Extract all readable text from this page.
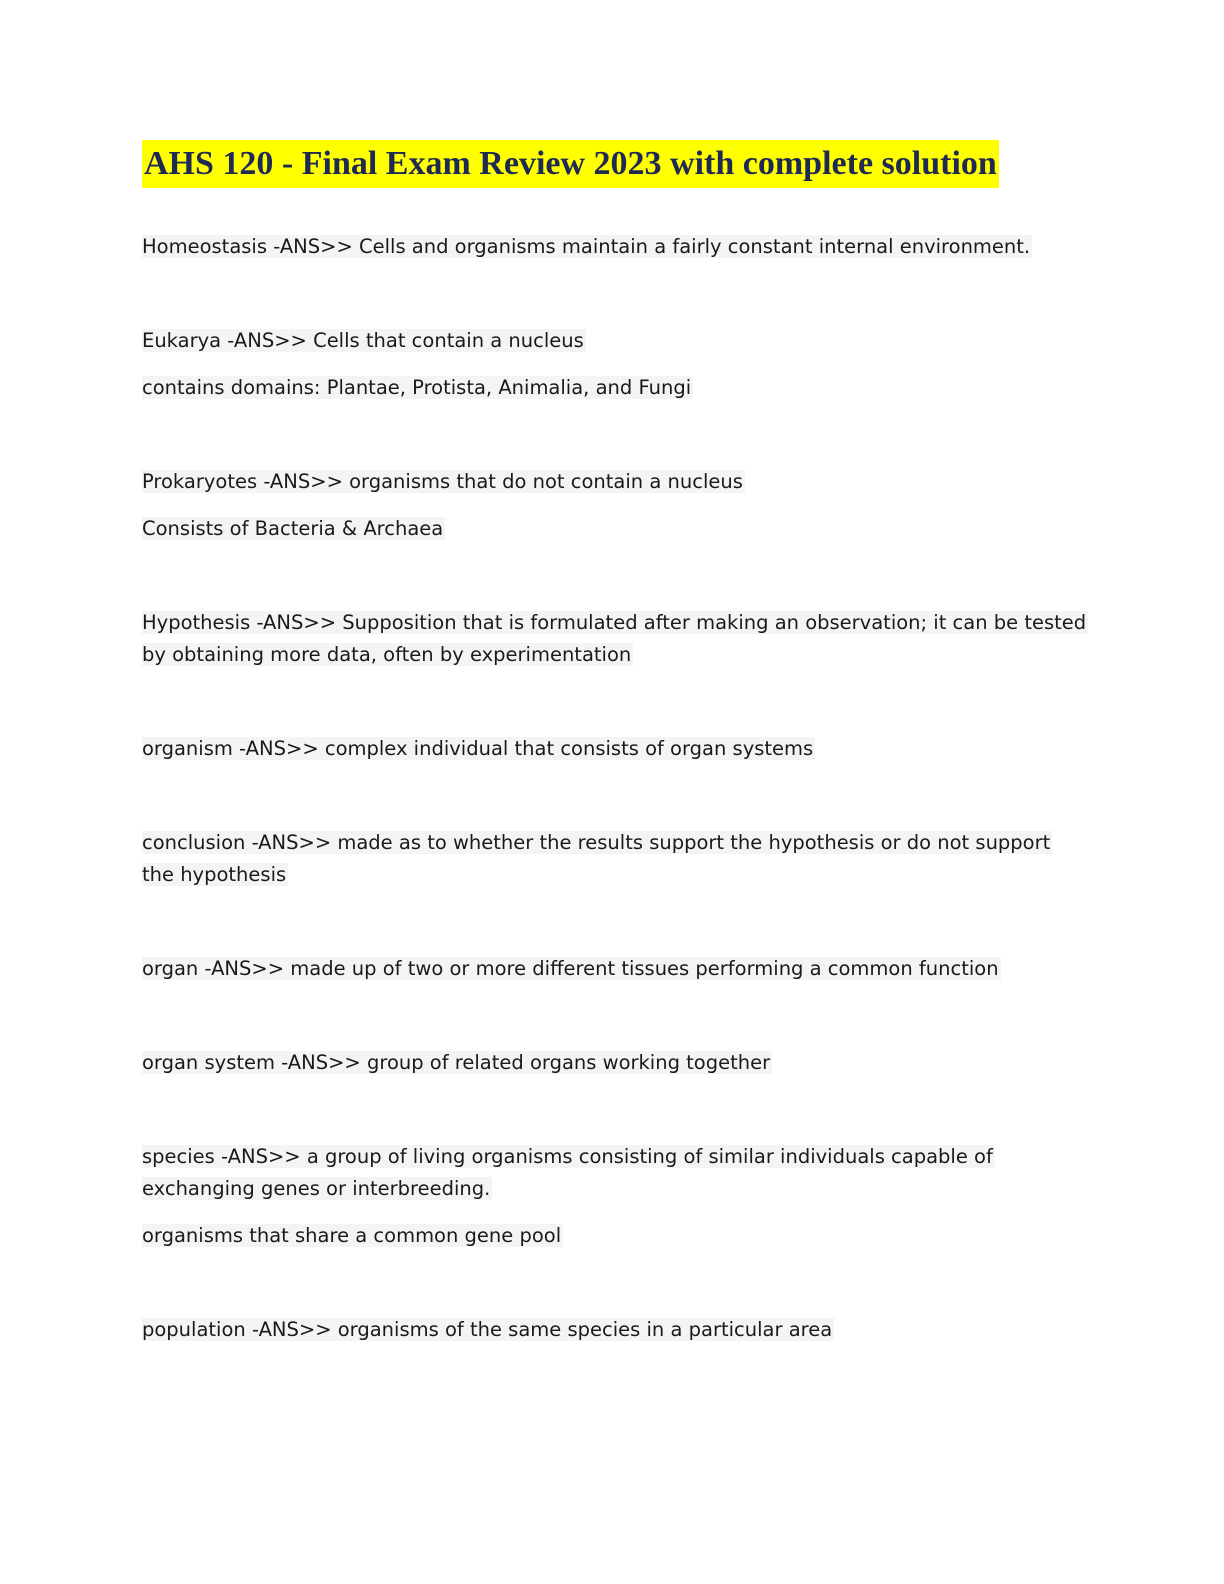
AHS 120 - Final Exam Review 2023 with complete solution

Homeostasis -ANS>> Cells and organisms maintain a fairly constant internal environment.

Eukarya -ANS>> Cells that contain a nucleus

contains domains: Plantae, Protista, Animalia, and Fungi

Prokaryotes -ANS>> organisms that do not contain a nucleus

Consists of Bacteria & Archaea

Hypothesis -ANS>> Supposition that is formulated after making an observation; it can be tested

by obtaining more data, often by experimentation

organism -ANS>> complex individual that consists of organ systems

conclusion -ANS>> made as to whether the results support the hypothesis or do not support

the hypothesis

organ -ANS>> made up of two or more different tissues performing a common function

organ system -ANS>> group of related organs working together

species -ANS>> a group of living organisms consisting of similar individuals capable of

exchanging genes or interbreeding.

organisms that share a common gene pool

population -ANS>> organisms of the same species in a particular area
